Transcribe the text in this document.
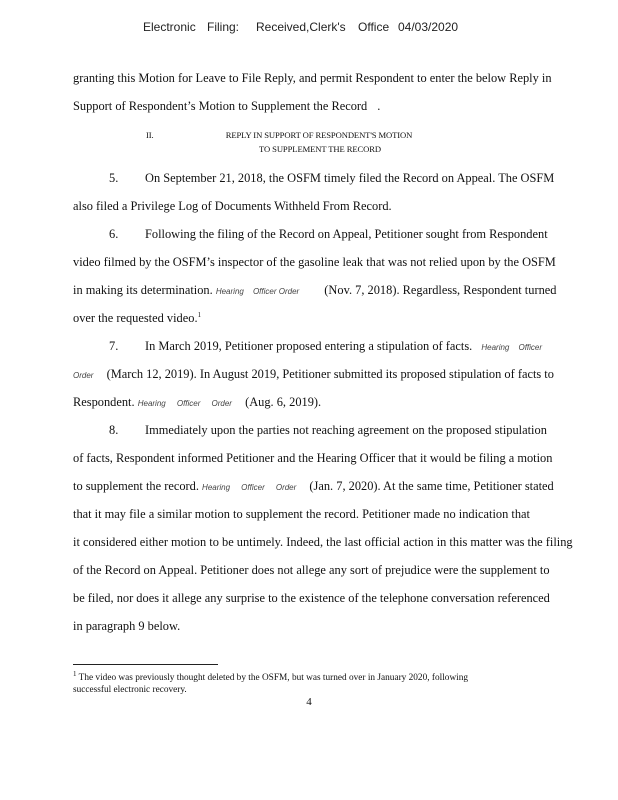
Electronic Filing: Received,Clerk's Office 04/03/2020
granting this Motion for Leave to File Reply, and permit Respondent to enter the below Reply in
Support of Respondent’s Motion to Supplement the Record .
II.	REPLY IN SUPPORT OF RESPONDENT'S MOTION
TO SUPPLEMENT THE RECORD
5. On September 21, 2018, the OSFM timely filed the Record on Appeal. The OSFM
also filed a Privilege Log of Documents Withheld From Record.
6. Following the filing of the Record on Appeal, Petitioner sought from Respondent
video filmed by the OSFM’s inspector of the gasoline leak that was not relied upon by the OSFM
in making its determination. Hearing Officer Order (Nov. 7, 2018). Regardless, Respondent turned
over the requested video.$^1$
7. In March 2019, Petitioner proposed entering a stipulation of facts. Hearing Officer
Order (March 12, 2019). In August 2019, Petitioner submitted its proposed stipulation of facts to
Respondent. Hearing Officer Order (Aug. 6, 2019).
8. Immediately upon the parties not reaching agreement on the proposed stipulation
of facts, Respondent informed Petitioner and the Hearing Officer that it would be filing a motion
to supplement the record. Hearing Officer Order (Jan. 7, 2020). At the same time, Petitioner stated
that it may file a similar motion to supplement the record. Petitioner made no indication that
it considered either motion to be untimely. Indeed, the last official action in this matter was the filing
of the Record on Appeal. Petitioner does not allege any sort of prejudice were the supplement to
be filed, nor does it allege any surprise to the existence of the telephone conversation referenced
in paragraph 9 below.
$^1$ The video was previously thought deleted by the OSFM, but was turned over in January 2020, following
successful electronic recovery.
4
